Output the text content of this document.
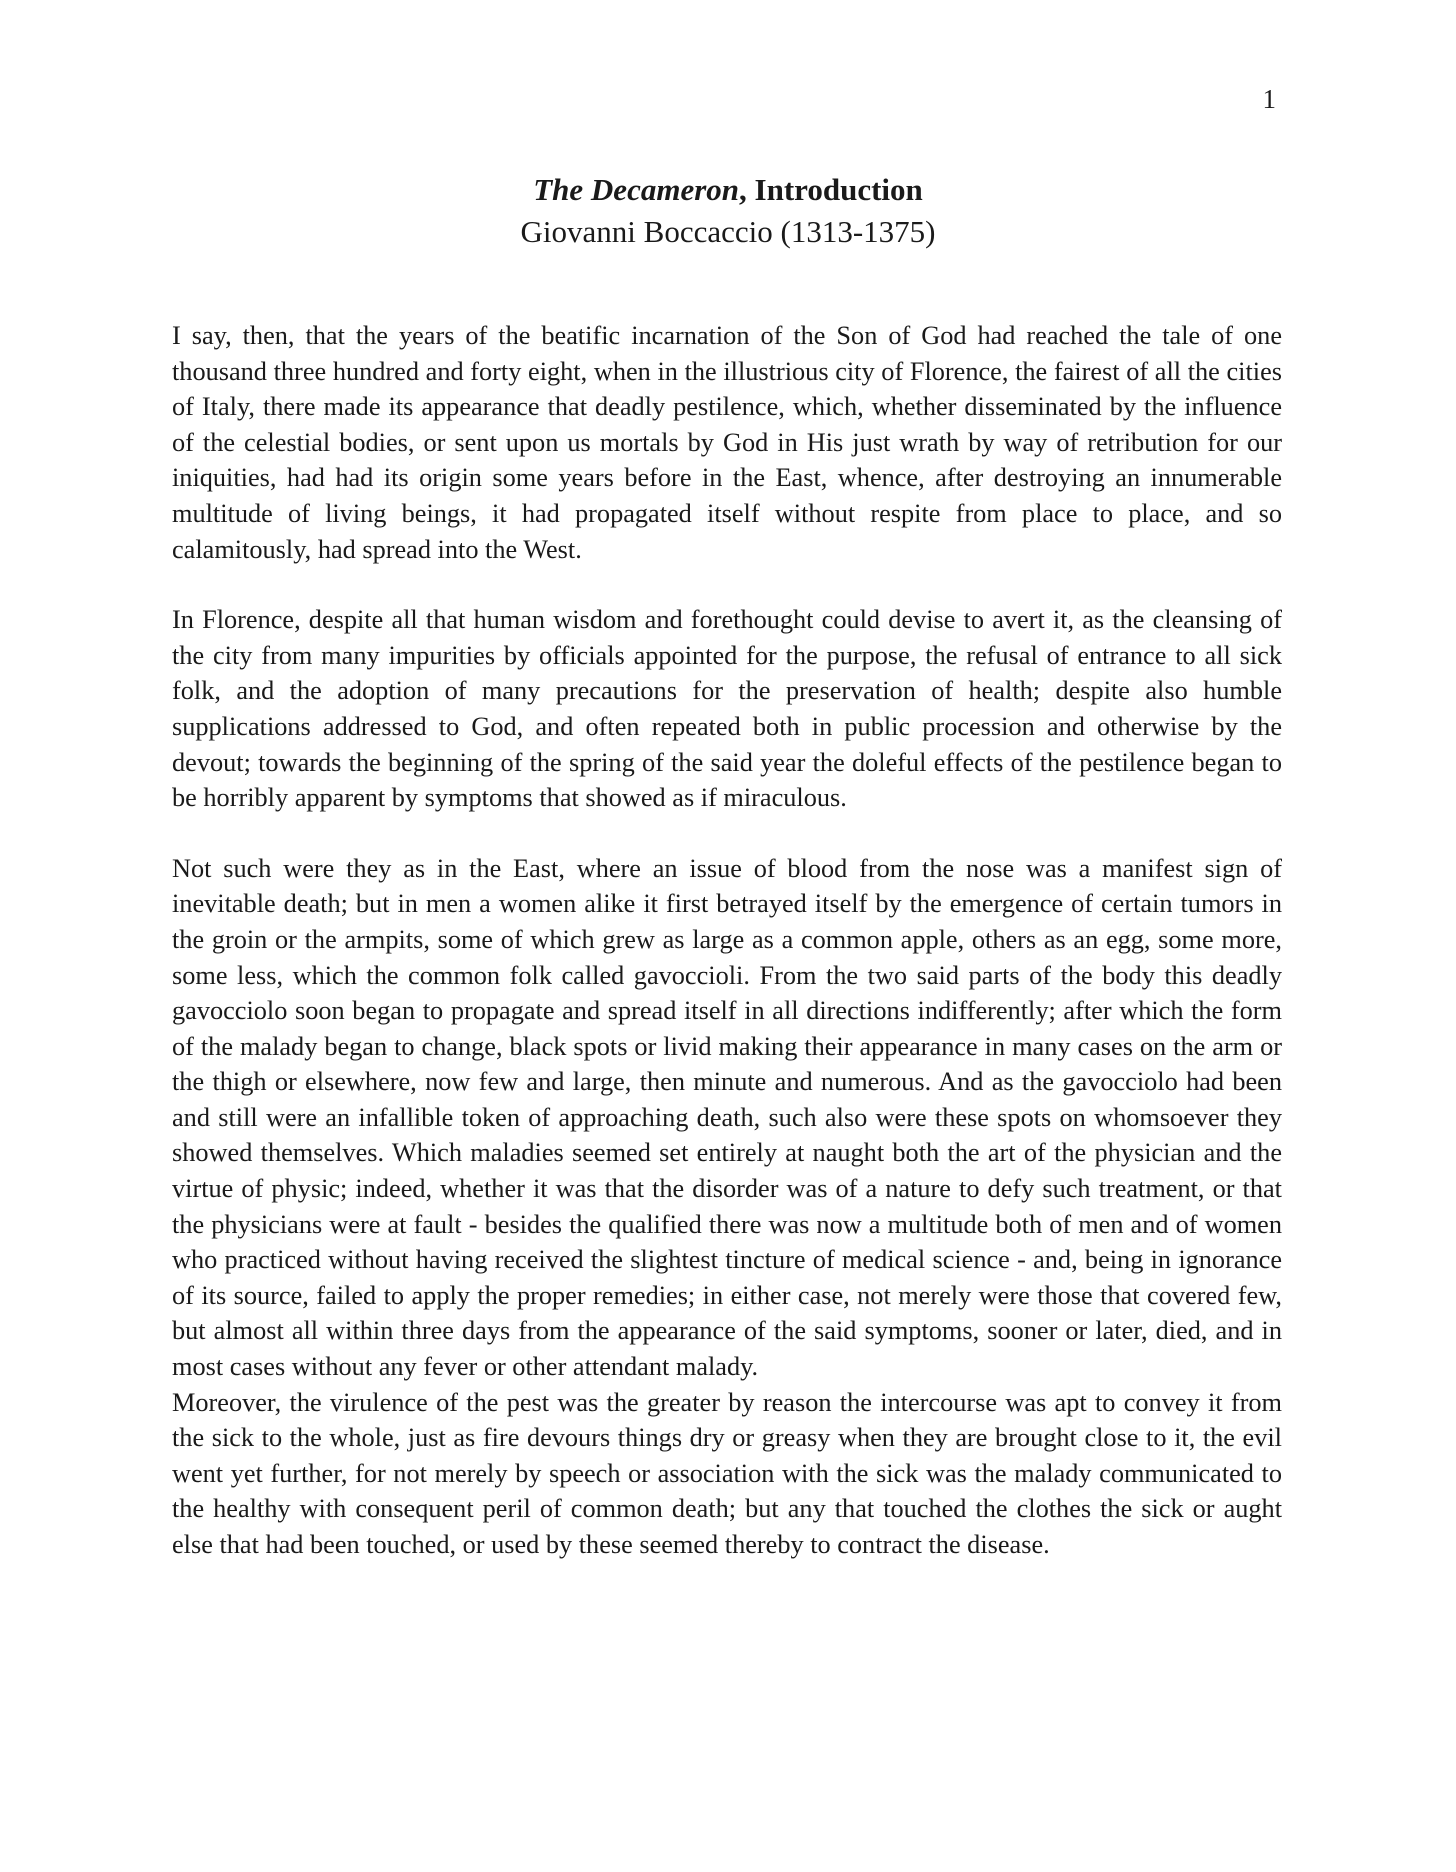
1
The Decameron, Introduction
Giovanni Boccaccio (1313-1375)

I say, then, that the years of the beatific incarnation of the Son of God had reached the tale of one thousand three hundred and forty eight, when in the illustrious city of Florence, the fairest of all the cities of Italy, there made its appearance that deadly pestilence, which, whether disseminated by the influence of the celestial bodies, or sent upon us mortals by God in His just wrath by way of retribution for our iniquities, had had its origin some years before in the East, whence, after destroying an innumerable multitude of living beings, it had propagated itself without respite from place to place, and so calamitously, had spread into the West.

In Florence, despite all that human wisdom and forethought could devise to avert it, as the cleansing of the city from many impurities by officials appointed for the purpose, the refusal of entrance to all sick folk, and the adoption of many precautions for the preservation of health; despite also humble supplications addressed to God, and often repeated both in public procession and otherwise by the devout; towards the beginning of the spring of the said year the doleful effects of the pestilence began to be horribly apparent by symptoms that showed as if miraculous.

Not such were they as in the East, where an issue of blood from the nose was a manifest sign of inevitable death; but in men a women alike it first betrayed itself by the emergence of certain tumors in the groin or the armpits, some of which grew as large as a common apple, others as an egg, some more, some less, which the common folk called gavoccioli. From the two said parts of the body this deadly gavocciolo soon began to propagate and spread itself in all directions indifferently; after which the form of the malady began to change, black spots or livid making their appearance in many cases on the arm or the thigh or elsewhere, now few and large, then minute and numerous. And as the gavocciolo had been and still were an infallible token of approaching death, such also were these spots on whomsoever they showed themselves. Which maladies seemed set entirely at naught both the art of the physician and the virtue of physic; indeed, whether it was that the disorder was of a nature to defy such treatment, or that the physicians were at fault - besides the qualified there was now a multitude both of men and of women who practiced without having received the slightest tincture of medical science - and, being in ignorance of its source, failed to apply the proper remedies; in either case, not merely were those that covered few, but almost all within three days from the appearance of the said symptoms, sooner or later, died, and in most cases without any fever or other attendant malady.

Moreover, the virulence of the pest was the greater by reason the intercourse was apt to convey it from the sick to the whole, just as fire devours things dry or greasy when they are brought close to it, the evil went yet further, for not merely by speech or association with the sick was the malady communicated to the healthy with consequent peril of common death; but any that touched the clothes the sick or aught else that had been touched, or used by these seemed thereby to contract the disease.
